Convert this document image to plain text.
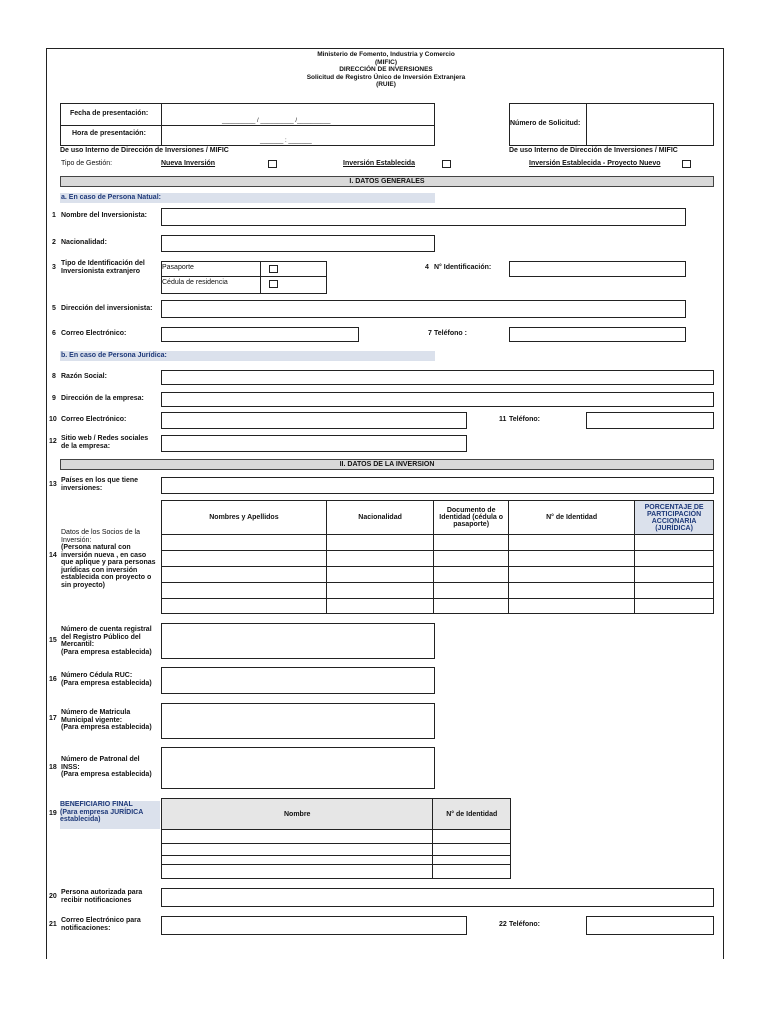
Ministerio de Fomento, Industria y Comercio
(MIFIC)
DIRECCIÓN DE INVERSIONES
Solicitud de Registro Único de Inversión Extranjera
(RUIE)
Fecha de presentación:
Hora de presentación:
__________ / __________ /__________
_______ : _______
De uso Interno de Dirección de Inversiones / MIFIC
Número de Solicitud:
De uso Interno de Dirección de Inversiones / MIFIC
Tipo de Gestión:	Nueva Inversión	Inversión Establecida	Inversión Establecida - Proyecto Nuevo
I. DATOS GENERALES
a. En caso de Persona Natual:
1 Nombre del Inversionista:
2 Nacionalidad:
3
Tipo de Identificación del Inversionista extranjero
Pasaporte
Cédula de residencia
4 N° Identificación:
5 Dirección del inversionista:
6 Correo Electrónico:	7 Teléfono :
b. En caso de Persona Jurídica:
8 Razón Social:
9 Dirección de la empresa:
10 Correo Electrónico:	11 Teléfono:
12 Sitio web / Redes sociales de la empresa:
II. DATOS DE LA INVERSION
13
Países en los que tiene inversiones:
14
Datos de los Socios de la Inversión:
(Persona natural con inversión nueva , en caso que aplique y para personas jurídicas con inversión establecida con proyecto o sin proyecto)
Nombres y Apellidos	Nacionalidad	Documento de Identidad (cédula o pasaporte)	N° de Identidad	PORCENTAJE DE PARTICIPACIÓN ACCIONARIA (JURÍDICA)

15
Número de cuenta registral del Registro Público del Mercantil:
(Para empresa establecida)
16
Número Cédula RUC:
(Para empresa establecida)
17
Número de Matricula Municipal vigente:
(Para empresa establecida)
18
Número de Patronal del INSS:
(Para empresa establecida)
19
BENEFICIARIO FINAL
(Para empresa JURÍDICA establecida)
Nombre	N° de Identidad

20
Persona autorizada para recibir notificaciones
21
Correo Electrónico para notificaciones:
22 Teléfono:
